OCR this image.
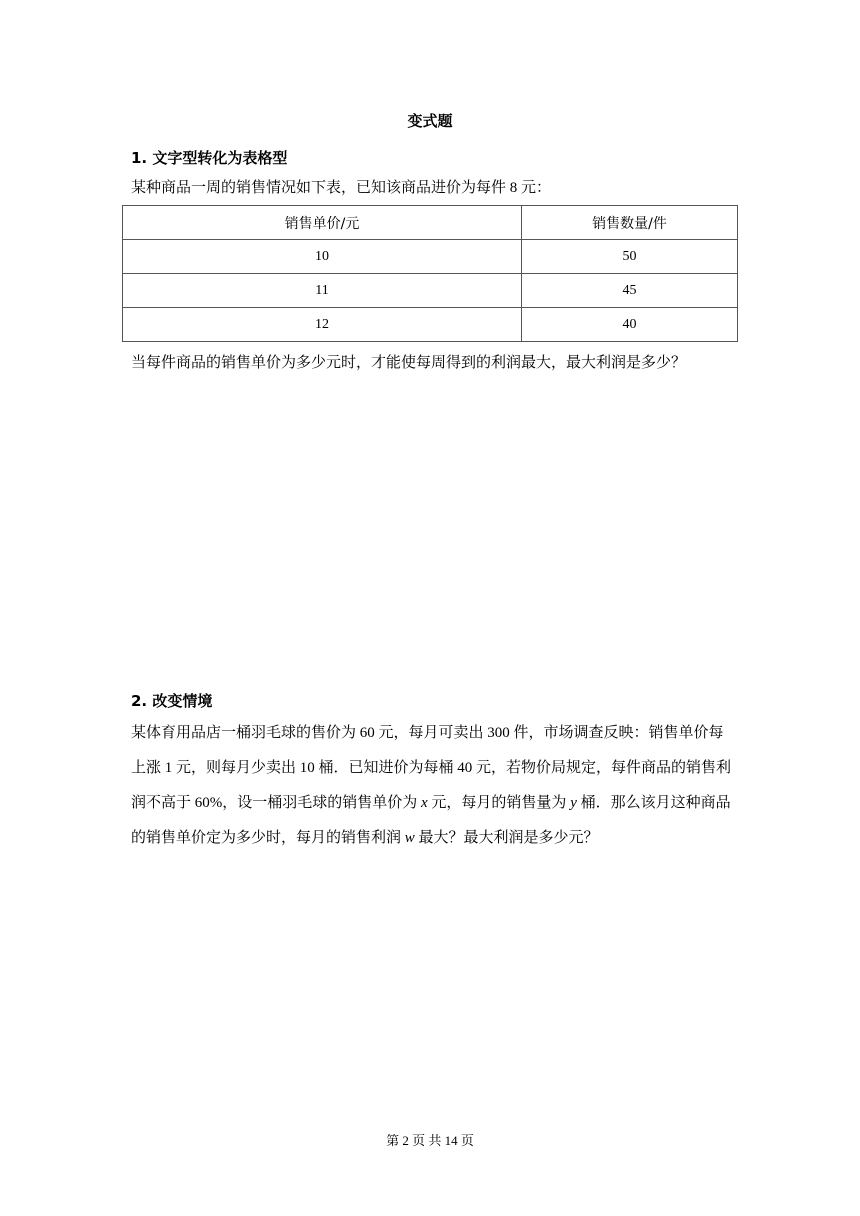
变式题
1. 文字型转化为表格型
某种商品一周的销售情况如下表，已知该商品进价为每件 8 元：
销售单价/元	销售数量/件
10	50
11	45
12	40
当每件商品的销售单价为多少元时，才能使每周得到的利润最大，最大利润是多少？
2. 改变情境
某体育用品店一桶羽毛球的售价为 60 元，每月可卖出 300 件，市场调查反映：销售单价每
上涨 1 元，则每月少卖出 10 桶．已知进价为每桶 40 元，若物价局规定，每件商品的销售利
润不高于 60%，设一桶羽毛球的销售单价为 x 元，每月的销售量为 y 桶．那么该月这种商品
的销售单价定为多少时，每月的销售利润 w 最大？最大利润是多少元？
第 2 页 共 14 页
